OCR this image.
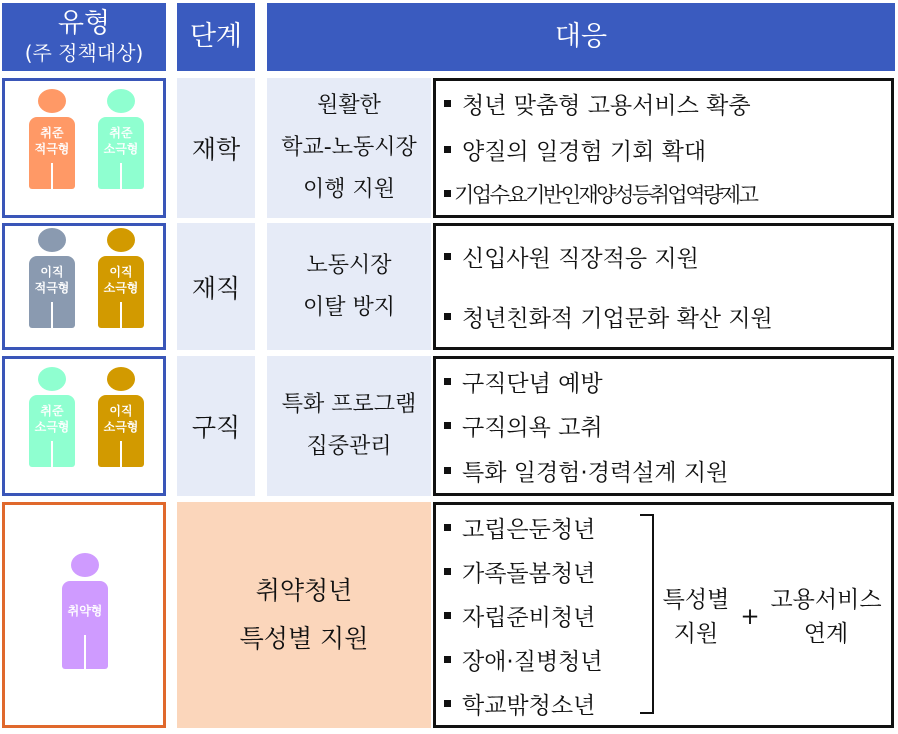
유형
(주 정책대상)
단계	대응
취준
적극형
취준
소극형 재학
원활한
학교-노동시장
이행 지원
청년 맞춤형 고용서비스 확충
양질의 일경험 기회 확대
기업수요기반인재양성등취업역량제고
이직
적극형
이직
소극형 재직
노동시장
이탈 방지
신입사원 직장적응 지원
청년친화적 기업문화 확산 지원
취준
소극형
이직
소극형 구직
특화 프로그램
집중관리
구직단념 예방
구직의욕 고취
특화 일경험·경력설계 지원
취약형
취약청년
특성별 지원
고립은둔청년
가족돌봄청년
자립준비청년
장애·질병청년
학교밖청소년
특성별
지원
+
고용서비스
연계
